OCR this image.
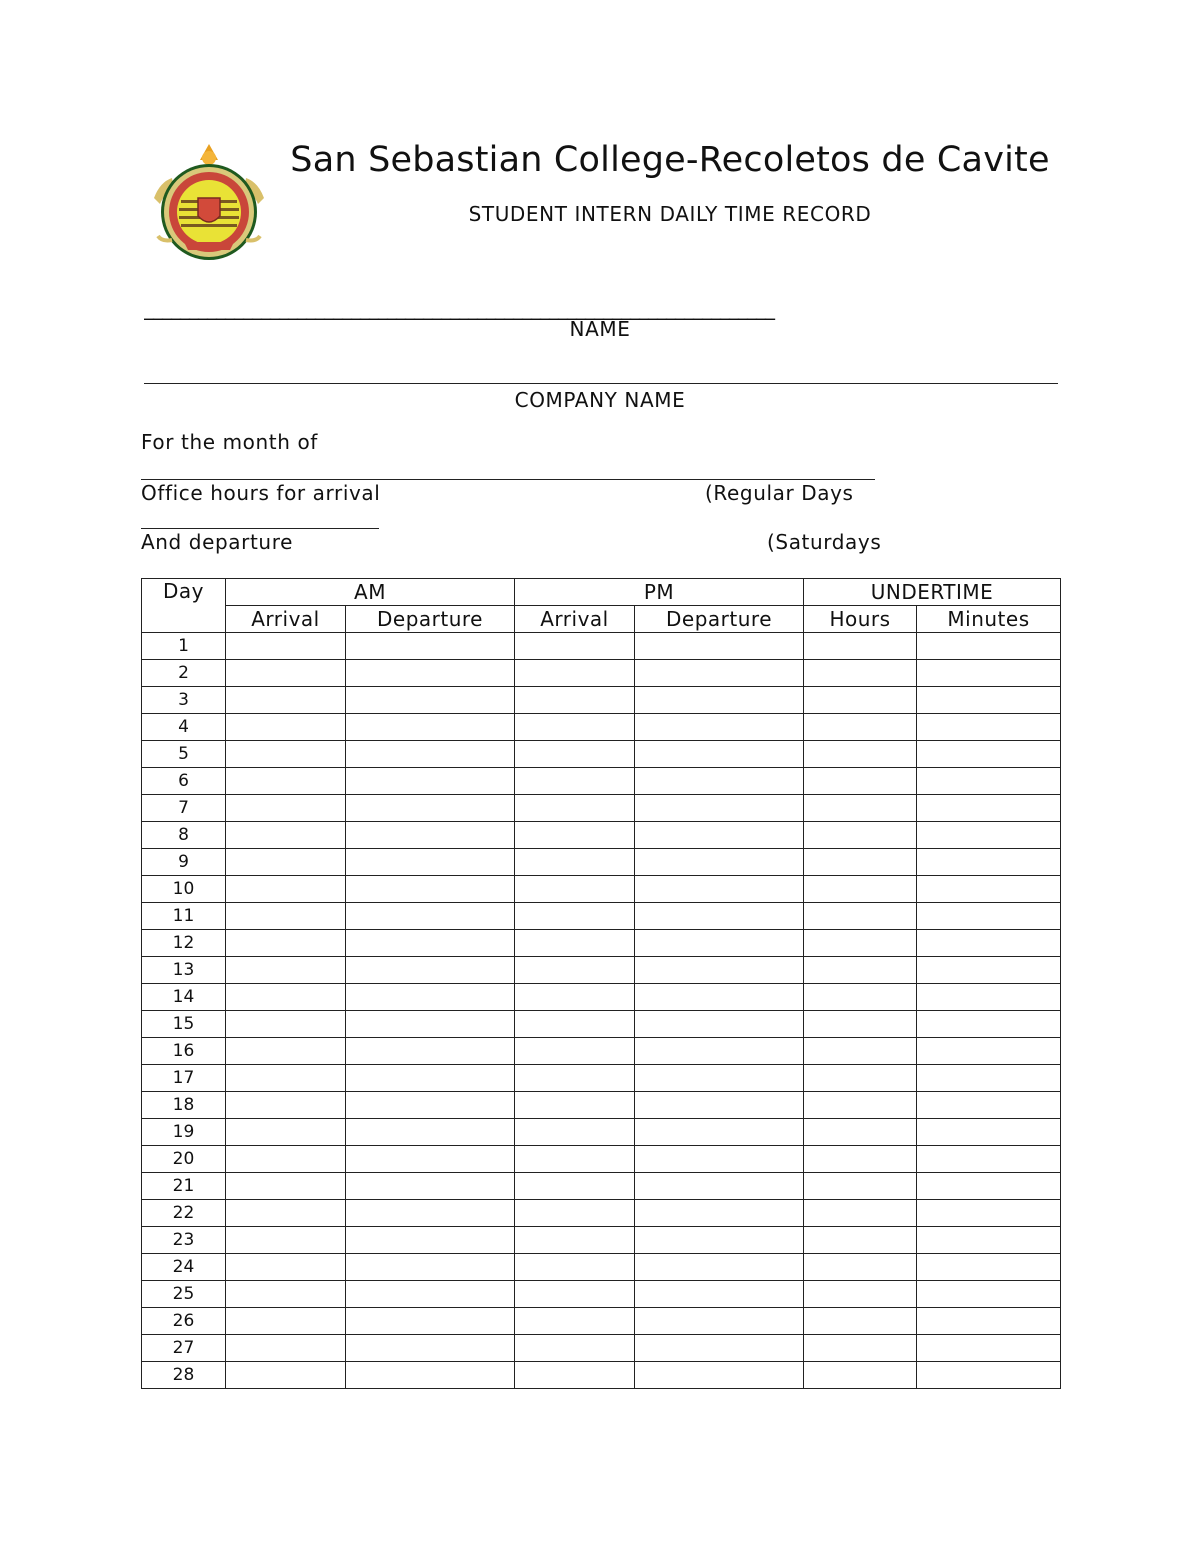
San Sebastian College-Recoletos de Cavite
STUDENT INTERN DAILY TIME RECORD
______________________________________________________________________
NAME
COMPANY NAME
For the month of
Office hours for arrival	(Regular Days
And departure	(Saturdays
Day	AM		PM		UNDERTIME	
	Arrival	Departure	Arrival	Departure	Hours	Minutes
1						
2						
3						
4						
5						
6						
7						
8						
9						
10						
11						
12						
13						
14						
15						
16						
17						
18						
19						
20						
21						
22						
23						
24						
25						
26						
27						
28						
